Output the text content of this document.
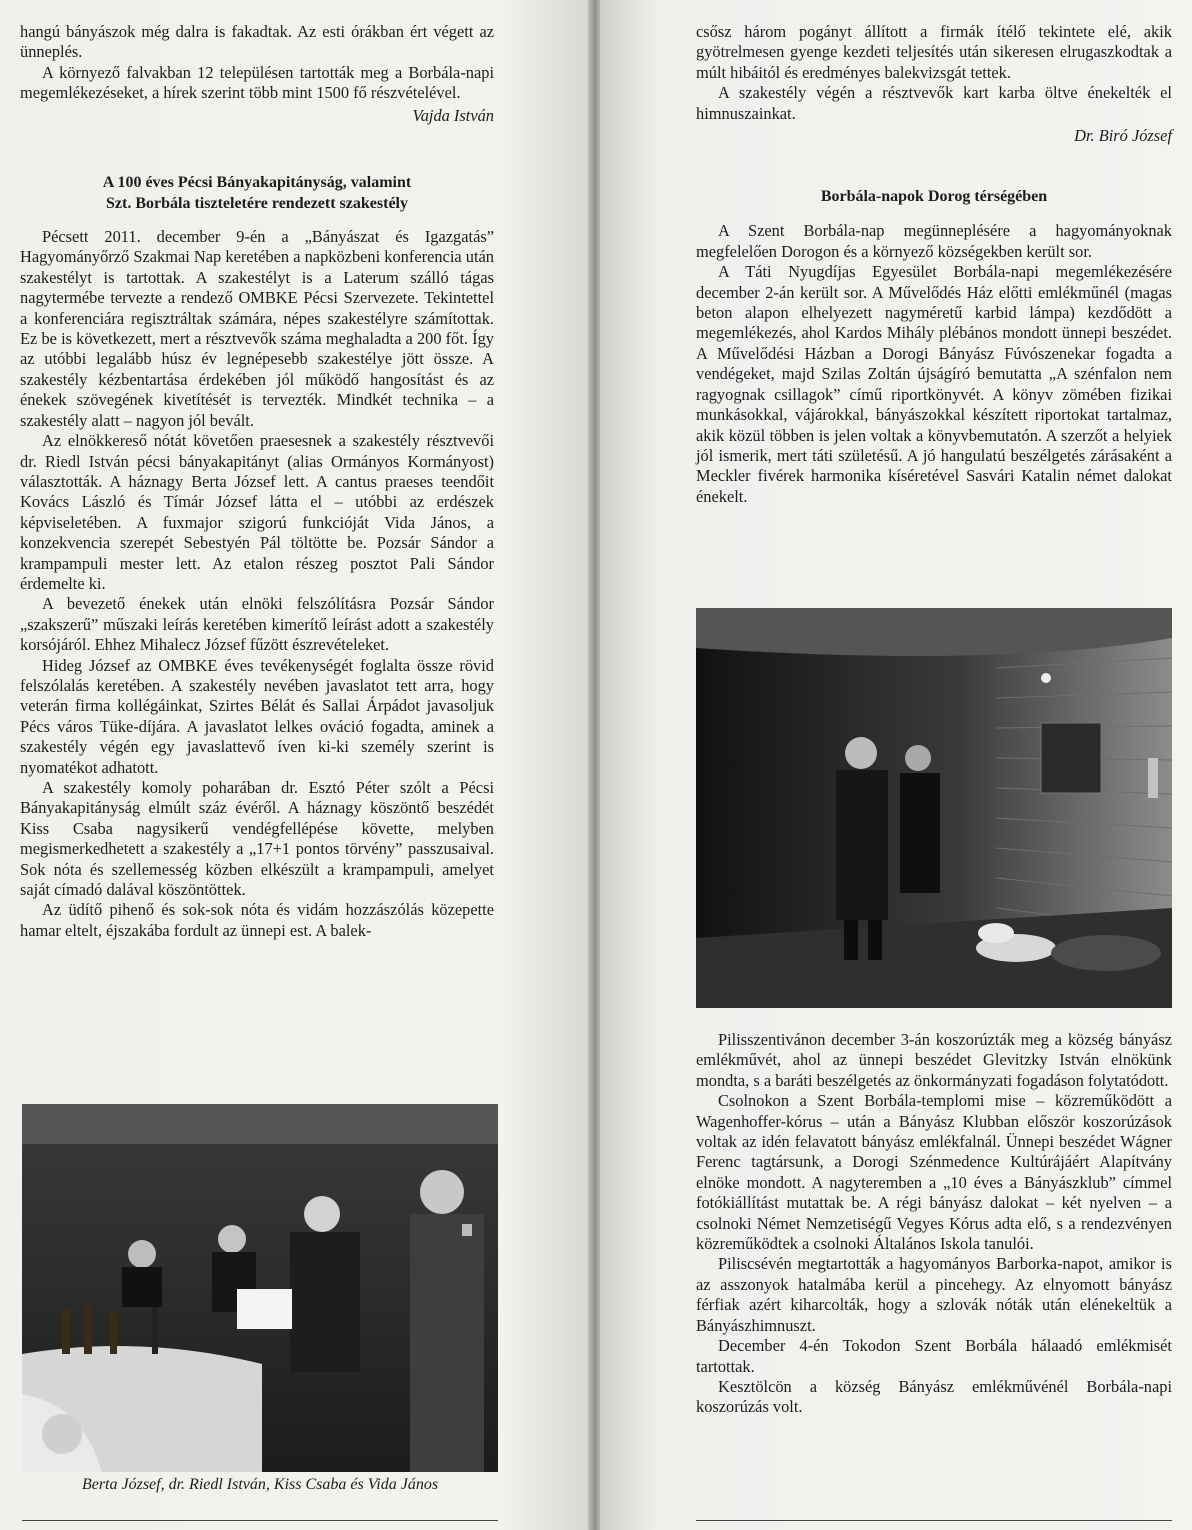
hangú bányászok még dalra is fakadtak. Az esti órákban ért végett az ünneplés.

A környező falvakban 12 településen tartották meg a Borbála-napi megemlékezéseket, a hírek szerint több mint 1500 fő részvételével.

Vajda István
A 100 éves Pécsi Bányakapitányság, valamint
Szt. Borbála tiszteletére rendezett szakestély

Pécsett 2011. december 9-én a „Bányászat és Igazgatás” Hagyományőrző Szakmai Nap keretében a napközbeni konferencia után szakestélyt is tartottak. A szakestélyt is a Laterum szálló tágas nagytermébe tervezte a rendező OMBKE Pécsi Szervezete. Tekintettel a konferenciára regisztráltak számára, népes szakestélyre számítottak. Ez be is következett, mert a résztvevők száma meghaladta a 200 főt. Így az utóbbi legalább húsz év legnépesebb szakestélye jött össze. A szakestély kézbentartása érdekében jól működő hangosítást és az énekek szövegének kivetítését is tervezték. Mindkét technika – a szakestély alatt – nagyon jól bevált.

Az elnökkereső nótát követően praesesnek a szakestély résztvevői dr. Riedl István pécsi bányakapitányt (alias Ormányos Kormányost) választották. A háznagy Berta József lett. A cantus praeses teendőit Kovács László és Tímár József látta el – utóbbi az erdészek képviseletében. A fuxmajor szigorú funkcióját Vida János, a konzekvencia szerepét Sebestyén Pál töltötte be. Pozsár Sándor a krampampuli mester lett. Az etalon részeg posztot Pali Sándor érdemelte ki.

A bevezető énekek után elnöki felszólításra Pozsár Sándor „szakszerű” műszaki leírás keretében kimerítő leírást adott a szakestély korsójáról. Ehhez Mihalecz József fűzött észrevételeket.

Hideg József az OMBKE éves tevékenységét foglalta össze rövid felszólalás keretében. A szakestély nevében javaslatot tett arra, hogy veterán firma kollégáinkat, Szirtes Bélát és Sallai Árpádot javasoljuk Pécs város Tüke-díjára. A javaslatot lelkes ováció fogadta, aminek a szakestély végén egy javaslattevő íven ki-ki személy szerint is nyomatékot adhatott.

A szakestély komoly poharában dr. Esztó Péter szólt a Pécsi Bányakapitányság elmúlt száz évéről. A háznagy köszöntő beszédét Kiss Csaba nagysikerű vendégfellépése követte, melyben megismerkedhetett a szakestély a „17+1 pontos törvény” passzusaival. Sok nóta és szellemesség közben elkészült a krampampuli, amelyet saját címadó dalával köszöntöttek.

Az üdítő pihenő és sok-sok nóta és vidám hozzászólás közepette hamar eltelt, éjszakába fordult az ünnepi est. A balek-

Berta József, dr. Riedl István, Kiss Csaba és Vida János

csősz három pogányt állított a firmák ítélő tekintete elé, akik gyötrelmesen gyenge kezdeti teljesítés után sikeresen elrugaszkodtak a múlt hibáitól és eredményes balekvizsgát tettek.

A szakestély végén a résztvevők kart karba öltve énekelték el himnuszainkat.

Dr. Biró József
Borbála-napok Dorog térségében

A Szent Borbála-nap megünneplésére a hagyományoknak megfelelően Dorogon és a környező községekben került sor.

A Táti Nyugdíjas Egyesület Borbála-napi megemlékezésére december 2-án került sor. A Művelődés Ház előtti emlékműnél (magas beton alapon elhelyezett nagyméretű karbid lámpa) kezdődött a megemlékezés, ahol Kardos Mihály plébános mondott ünnepi beszédet. A Művelődési Házban a Dorogi Bányász Fúvószenekar fogadta a vendégeket, majd Szilas Zoltán újságíró bemutatta „A szénfalon nem ragyognak csillagok” című riportkönyvét. A könyv zömében fizikai munkásokkal, vájárokkal, bányászokkal készített riportokat tartalmaz, akik közül többen is jelen voltak a könyvbemutatón. A szerzőt a helyiek jól ismerik, mert táti születésű. A jó hangulatú beszélgetés zárásaként a Meckler fivérek harmonika kíséretével Sasvári Katalin német dalokat énekelt.

Pilisszentivánon december 3-án koszorúzták meg a község bányász emlékművét, ahol az ünnepi beszédet Glevitzky István elnökünk mondta, s a baráti beszélgetés az önkormányzati fogadáson folytatódott.

Csolnokon a Szent Borbála-templomi mise – közreműködött a Wagenhoffer-kórus – után a Bányász Klubban először koszorúzások voltak az idén felavatott bányász emlékfalnál. Ünnepi beszédet Wágner Ferenc tagtársunk, a Dorogi Szénmedence Kultúrájáért Alapítvány elnöke mondott. A nagyteremben a „10 éves a Bányászklub” címmel fotókiállítást mutattak be. A régi bányász dalokat – két nyelven – a csolnoki Német Nemzetiségű Vegyes Kórus adta elő, s a rendezvényen közreműködtek a csolnoki Általános Iskola tanulói.

Piliscsévén megtartották a hagyományos Barborka-napot, amikor is az asszonyok hatalmába kerül a pincehegy. Az elnyomott bányász férfiak azért kiharcolták, hogy a szlovák nóták után elénekeltük a Bányászhimnuszt.

December 4-én Tokodon Szent Borbála hálaadó emlékmisét tartottak.

Kesztölcön a község Bányász emlékművénél Borbála-napi koszorúzás volt.
